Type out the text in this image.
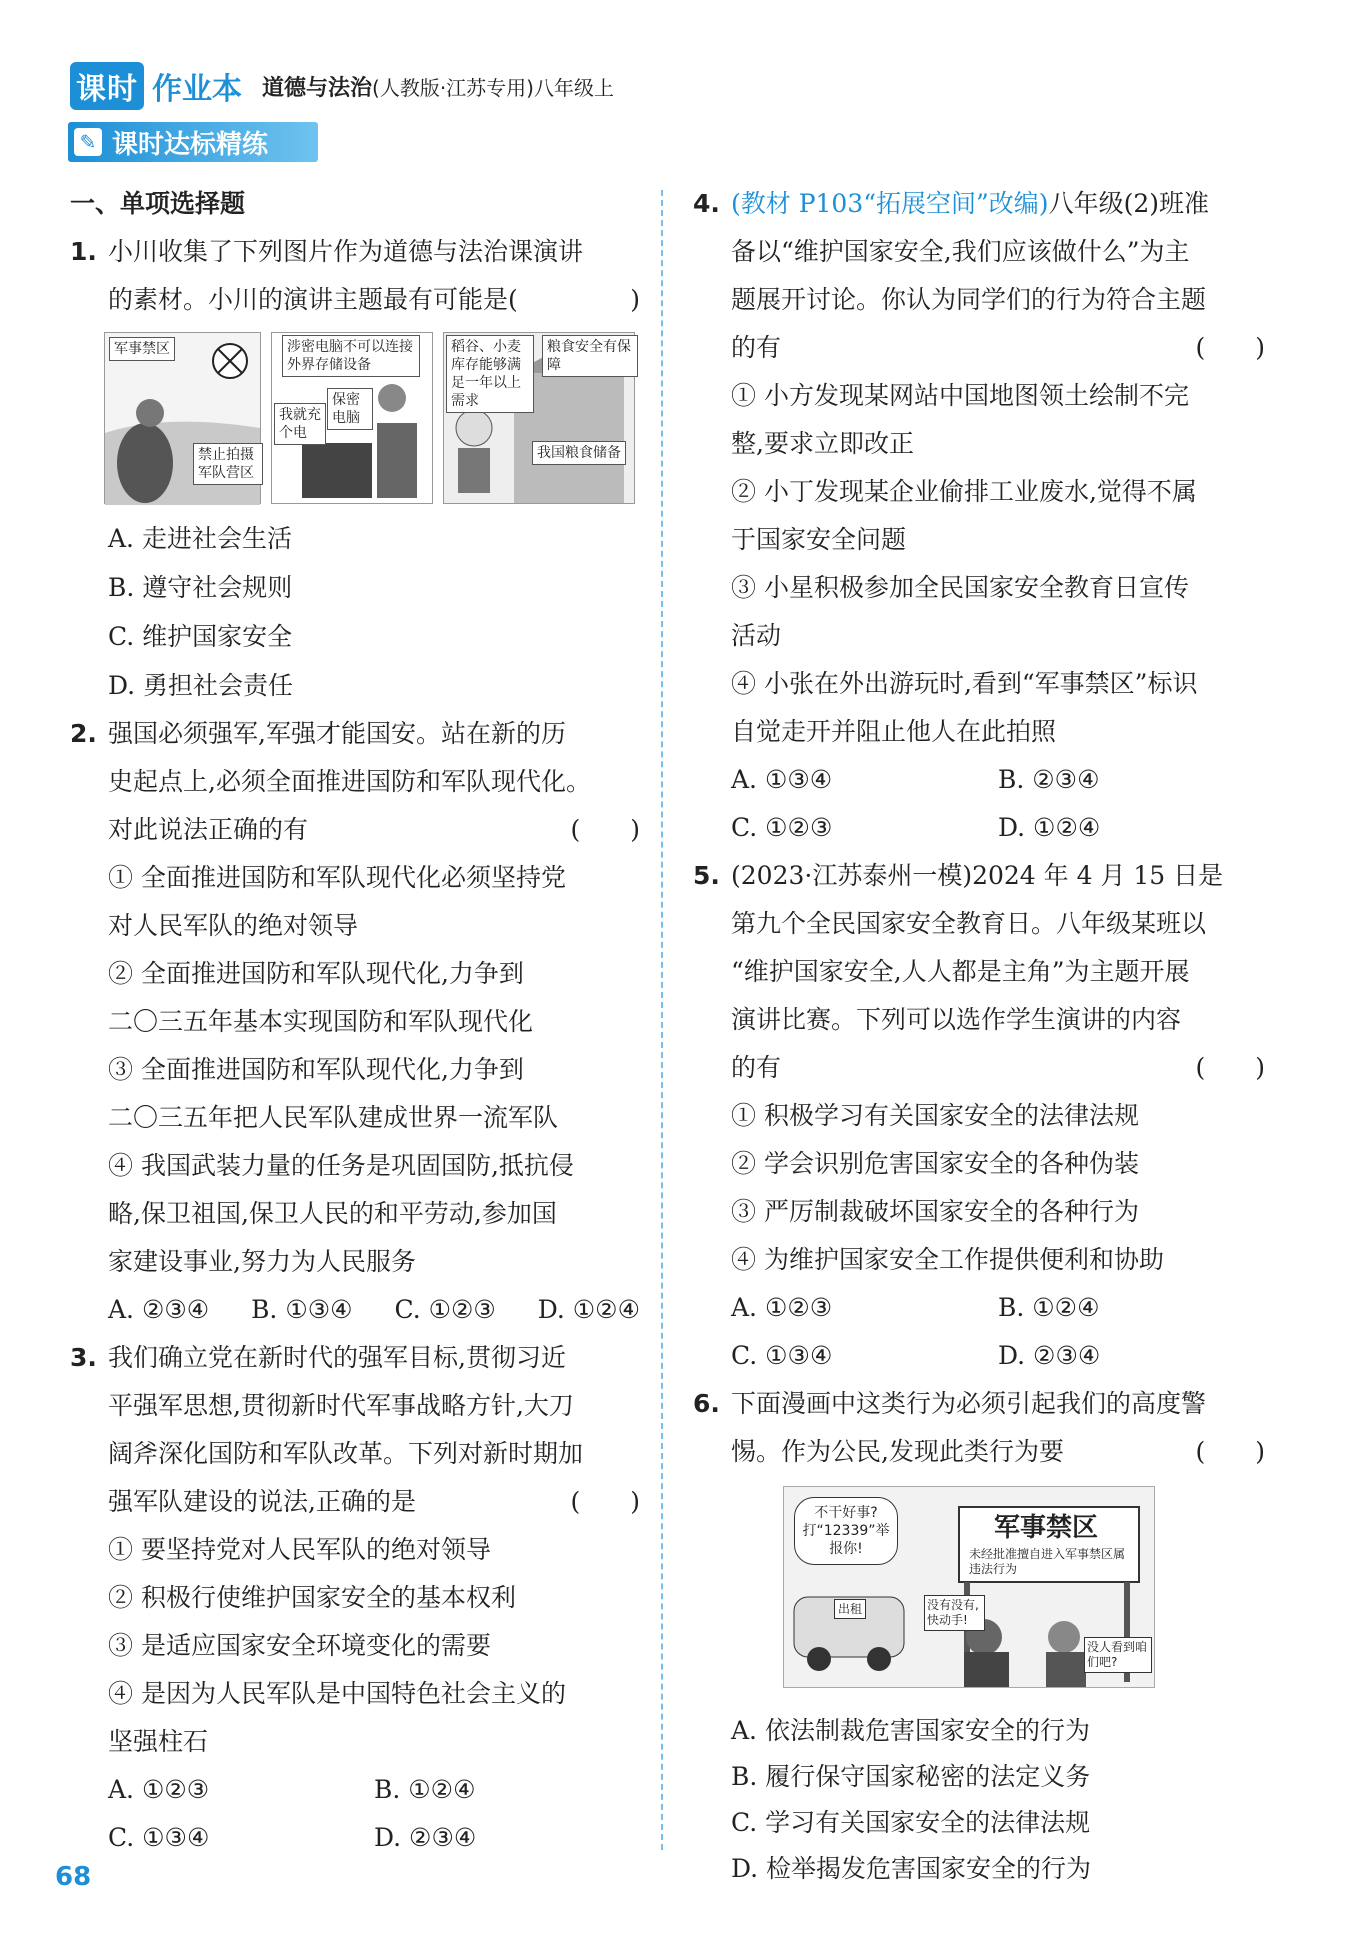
课时 作业本 道德与法治(人教版·江苏专用)八年级上
✎ 课时达标精练
一、单项选择题
1. 小川收集了下列图片作为道德与法治课演讲
的素材。小川的演讲主题最有可能是(	)
军事禁区
禁止拍摄军队营区
涉密电脑不可以连接外界存储设备
保密电脑
我就充个电
稻谷、小麦库存能够满足一年以上需求
粮食安全有保障
我国粮食储备
A. 走进社会生活
B. 遵守社会规则
C. 维护国家安全
D. 勇担社会责任
2. 强国必须强军,军强才能国安。站在新的历
史起点上,必须全面推进国防和军队现代化。
对此说法正确的有	(　　)
① 全面推进国防和军队现代化必须坚持党
对人民军队的绝对领导
② 全面推进国防和军队现代化,力争到
二〇三五年基本实现国防和军队现代化
③ 全面推进国防和军队现代化,力争到
二〇三五年把人民军队建成世界一流军队
④ 我国武装力量的任务是巩固国防,抵抗侵
略,保卫祖国,保卫人民的和平劳动,参加国
家建设事业,努力为人民服务
A. ②③④ B. ①③④ C. ①②③ D. ①②④
3. 我们确立党在新时代的强军目标,贯彻习近
平强军思想,贯彻新时代军事战略方针,大刀
阔斧深化国防和军队改革。下列对新时期加
强军队建设的说法,正确的是	(　　)
① 要坚持党对人民军队的绝对领导
② 积极行使维护国家安全的基本权利
③ 是适应国家安全环境变化的需要
④ 是因为人民军队是中国特色社会主义的
坚强柱石
A. ①②③	B. ①②④
C. ①③④	D. ②③④
4. (教材 P103“拓展空间”改编)八年级(2)班准
备以“维护国家安全,我们应该做什么”为主
题展开讨论。你认为同学们的行为符合主题
的有	(　　)
① 小方发现某网站中国地图领土绘制不完
整,要求立即改正
② 小丁发现某企业偷排工业废水,觉得不属
于国家安全问题
③ 小星积极参加全民国家安全教育日宣传
活动
④ 小张在外出游玩时,看到“军事禁区”标识
自觉走开并阻止他人在此拍照
A. ①③④	B. ②③④
C. ①②③	D. ①②④
5. (2023·江苏泰州一模)2024 年 4 月 15 日是
第九个全民国家安全教育日。八年级某班以
“维护国家安全,人人都是主角”为主题开展
演讲比赛。下列可以选作学生演讲的内容
的有	(　　)
① 积极学习有关国家安全的法律法规
② 学会识别危害国家安全的各种伪装
③ 严厉制裁破坏国家安全的各种行为
④ 为维护国家安全工作提供便利和协助
A. ①②③	B. ①②④
C. ①③④	D. ②③④
6. 下面漫画中这类行为必须引起我们的高度警
惕。作为公民,发现此类行为要	(　　)
不干好事?打“12339”举报你!
出租
军事禁区
未经批准擅自进入军事禁区属违法行为
没有没有,快动手!
没人看到咱们吧?
A. 依法制裁危害国家安全的行为
B. 履行保守国家秘密的法定义务
C. 学习有关国家安全的法律法规
D. 检举揭发危害国家安全的行为
68
